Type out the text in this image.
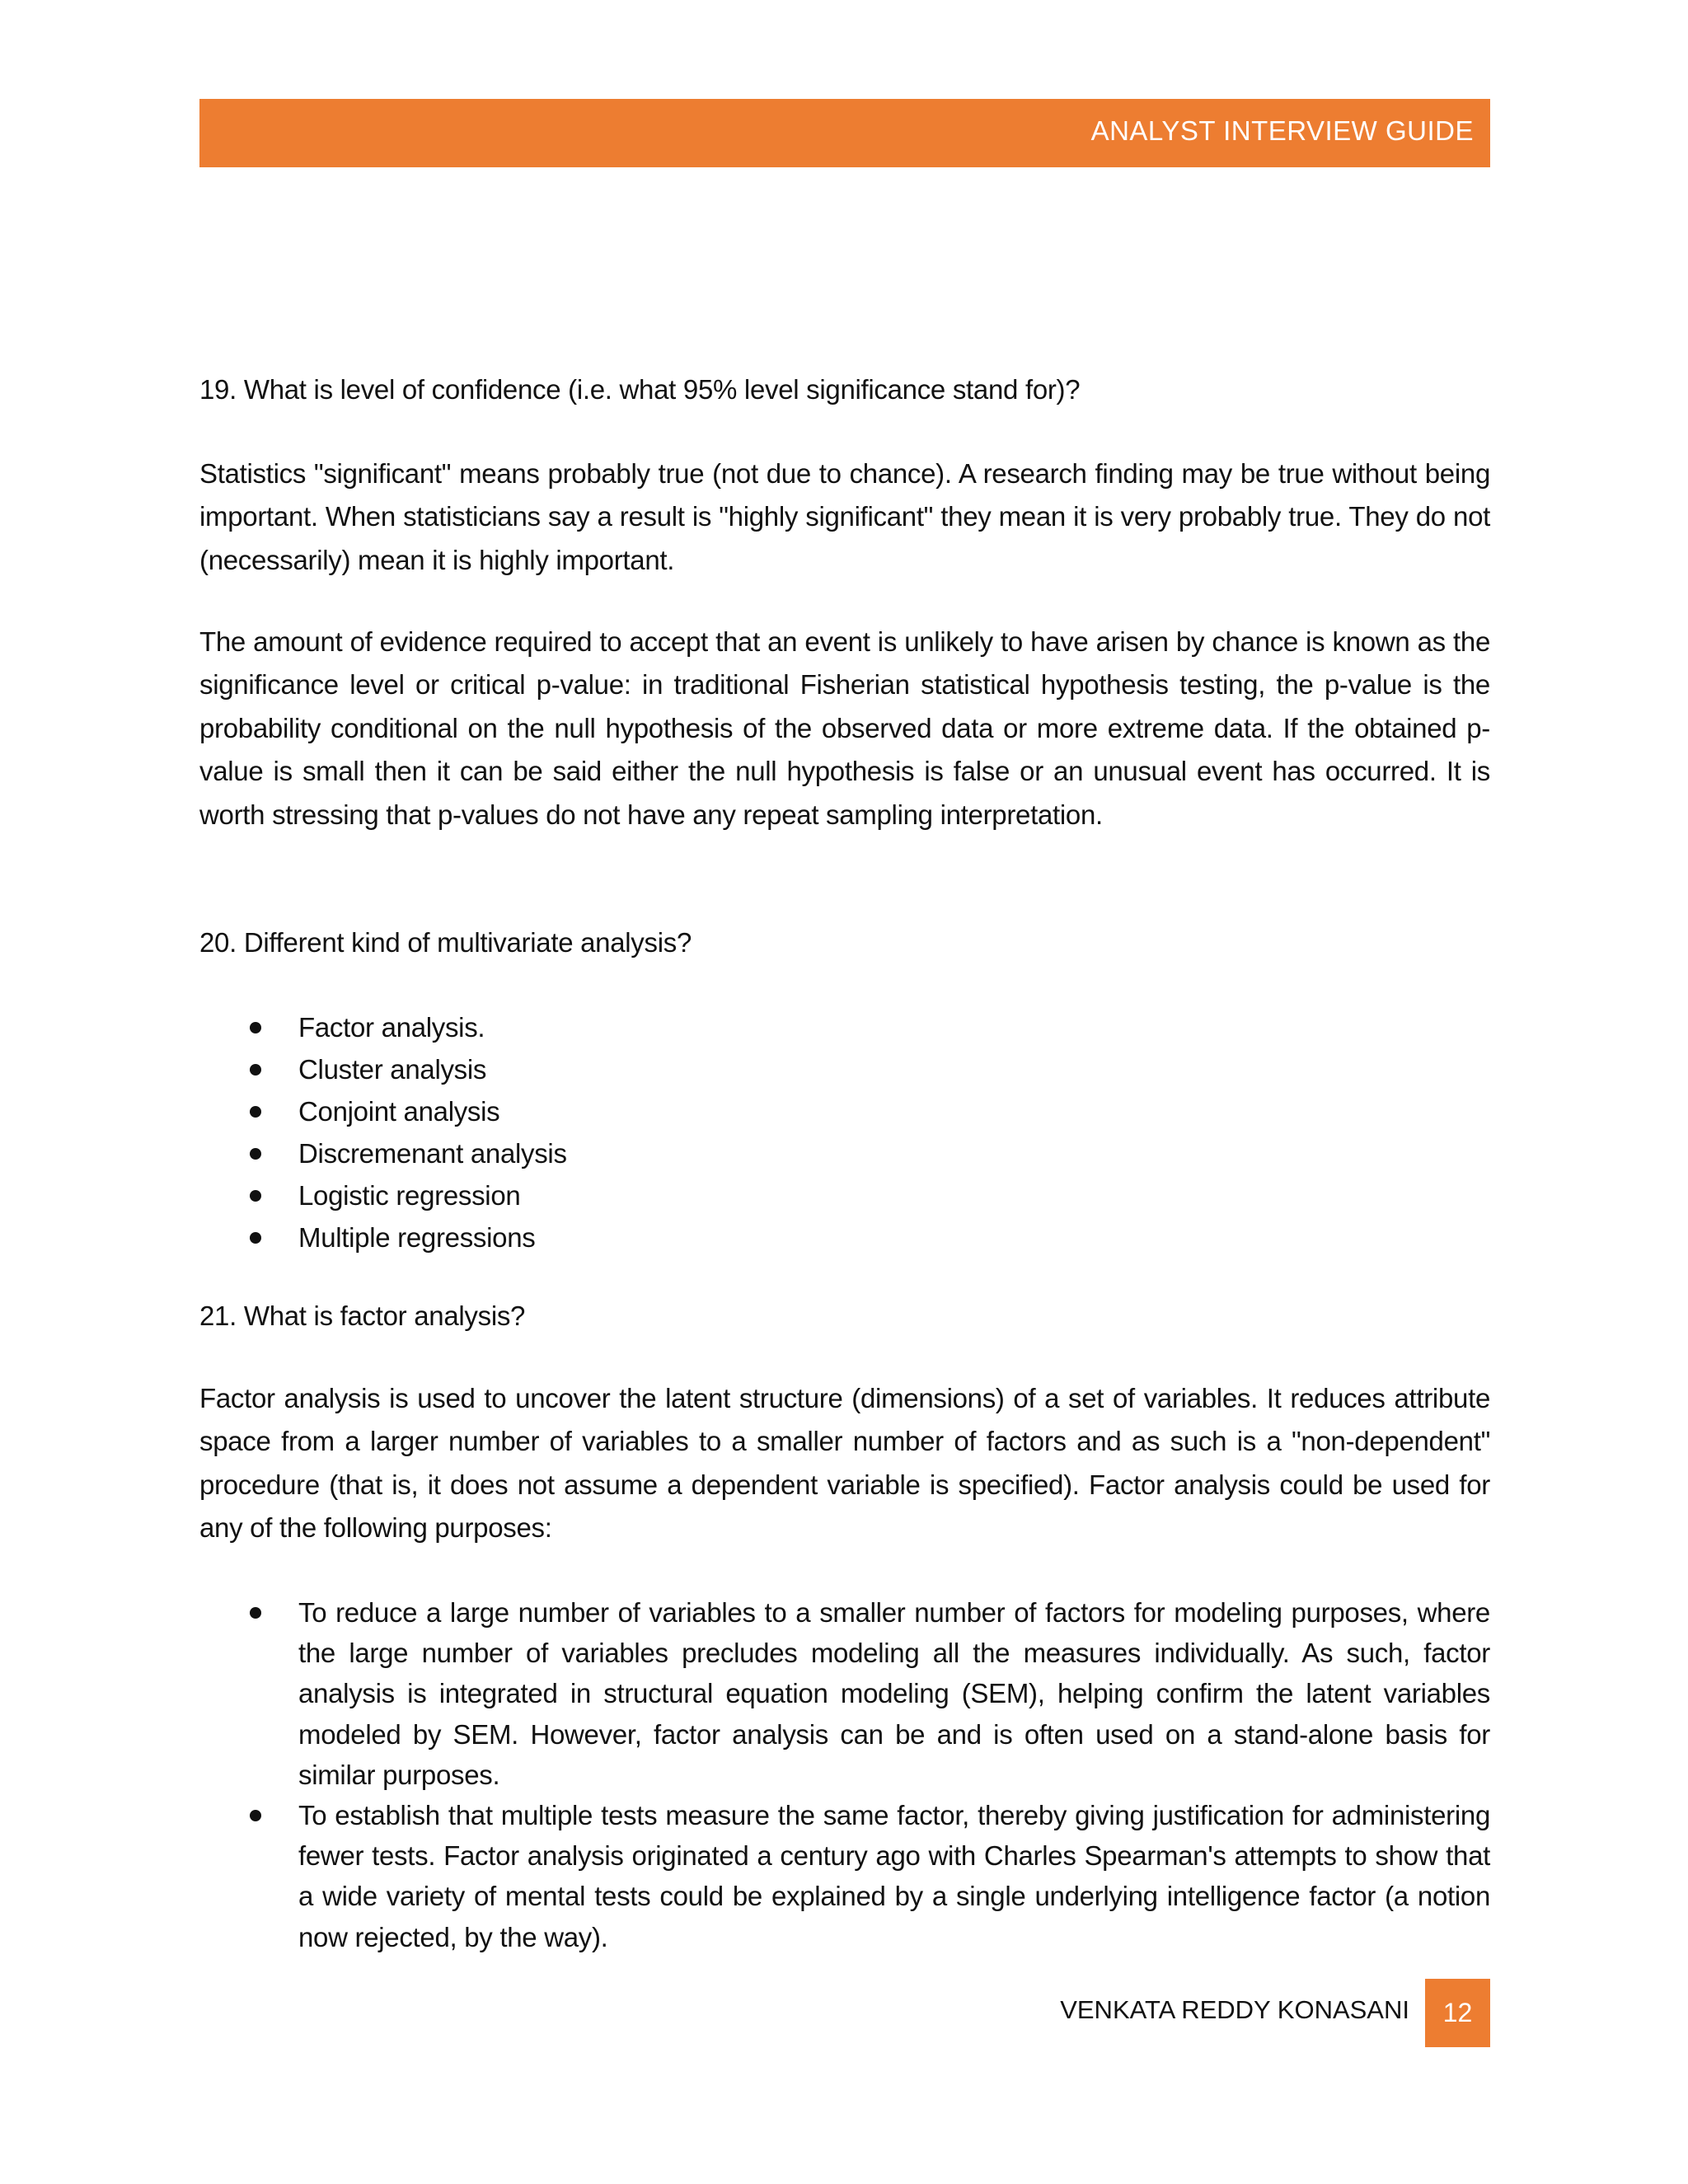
ANALYST INTERVIEW GUIDE

19. What is level of confidence (i.e. what 95% level significance stand for)?

Statistics "significant" means probably true (not due to chance). A research finding may be true without being important. When statisticians say a result is "highly significant" they mean it is very probably true. They do not (necessarily) mean it is highly important.

The amount of evidence required to accept that an event is unlikely to have arisen by chance is known as the significance level or critical p-value: in traditional Fisherian statistical hypothesis testing, the p-value is the probability conditional on the null hypothesis of the observed data or more extreme data. If the obtained p-value is small then it can be said either the null hypothesis is false or an unusual event has occurred. It is worth stressing that p-values do not have any repeat sampling interpretation.

20. Different kind of multivariate analysis?

Factor analysis.
Cluster analysis
Conjoint analysis
Discremenant analysis
Logistic regression
Multiple regressions

21. What is factor analysis?

Factor analysis is used to uncover the latent structure (dimensions) of a set of variables. It reduces attribute space from a larger number of variables to a smaller number of factors and as such is a "non-dependent" procedure (that is, it does not assume a dependent variable is specified). Factor analysis could be used for any of the following purposes:

To reduce a large number of variables to a smaller number of factors for modeling purposes, where the large number of variables precludes modeling all the measures individually. As such, factor analysis is integrated in structural equation modeling (SEM), helping confirm the latent variables modeled by SEM. However, factor analysis can be and is often used on a stand-alone basis for similar purposes.
To establish that multiple tests measure the same factor, thereby giving justification for administering fewer tests. Factor analysis originated a century ago with Charles Spearman's attempts to show that a wide variety of mental tests could be explained by a single underlying intelligence factor (a notion now rejected, by the way).
VENKATA REDDY KONASANI	12
